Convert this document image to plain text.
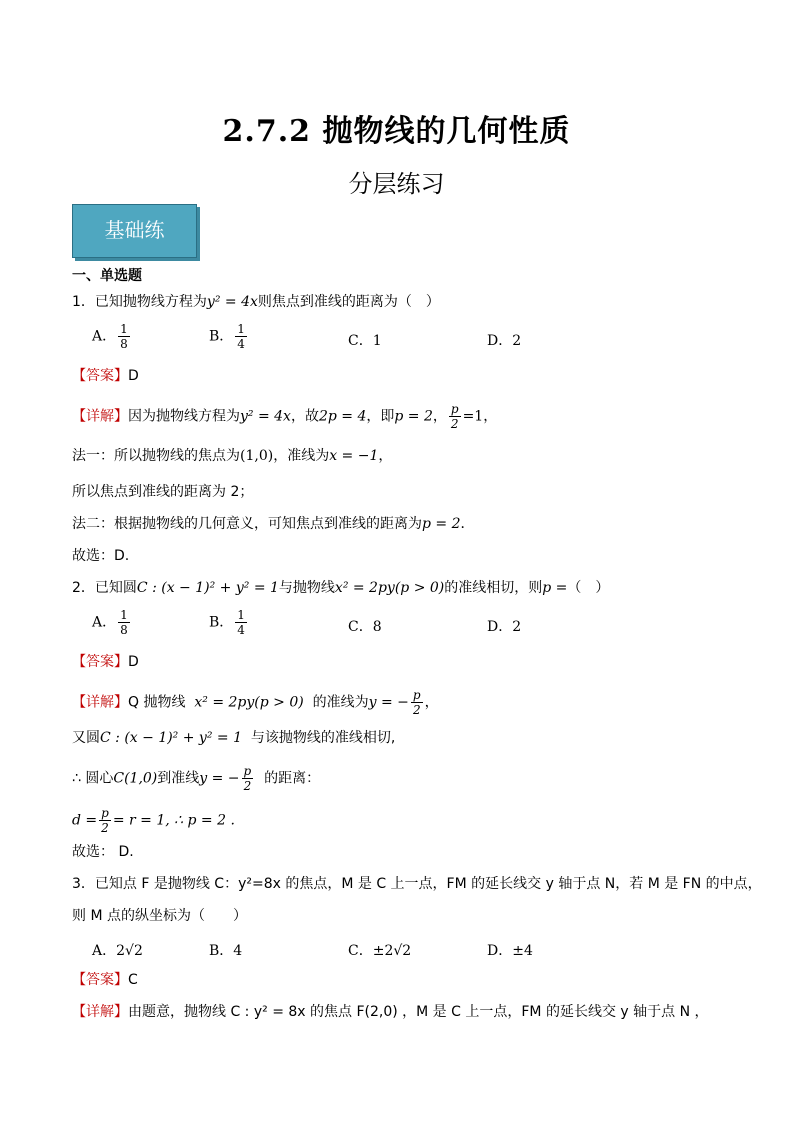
2.7.2 抛物线的几何性质
分层练习
基础练
一、单选题
1．已知抛物线方程为y² = 4x则焦点到准线的距离为（　）
A． $\frac{1}{8}$	B． $\frac{1}{4}$	C．1	D．2
【答案】D
【详解】因为抛物线方程为y² = 4x，故2p = 4，即p = 2， $\frac{p}{2} =1$，
法一：所以抛物线的焦点为(1,0)，准线为x = −1，
所以焦点到准线的距离为 2；
法二：根据抛物线的几何意义，可知焦点到准线的距离为p = 2．
故选：D.
2．已知圆C : (x − 1)² + y² = 1与抛物线x² = 2py(p > 0)的准线相切，则p =（　）
A． $\frac{1}{8}$	B． $\frac{1}{4}$	C．8	D．2
【答案】D
【详解】Q 抛物线 x² = 2py(p > 0) 的准线为y = − $\frac{p}{2}$ ，
又圆C : (x − 1)² + y² = 1 与该抛物线的准线相切,
∴ 圆心C(1,0)到准线y = − $\frac{p}{2}$ 的距离：
$d = \frac{p}{2} = r = 1$, ∴ p = 2 .
故选： D.
3．已知点 F 是抛物线 C：y²=8x 的焦点，M 是 C 上一点，FM 的延长线交 y 轴于点 N，若 M 是 FN 的中点，
则 M 点的纵坐标为（　　）
A．2√2	B．4	C．±2√2	D．±4
【答案】C
【详解】由题意，抛物线 C : y² = 8x 的焦点 F(2,0) ，M 是 C 上一点，FM 的延长线交 y 轴于点 N ，
